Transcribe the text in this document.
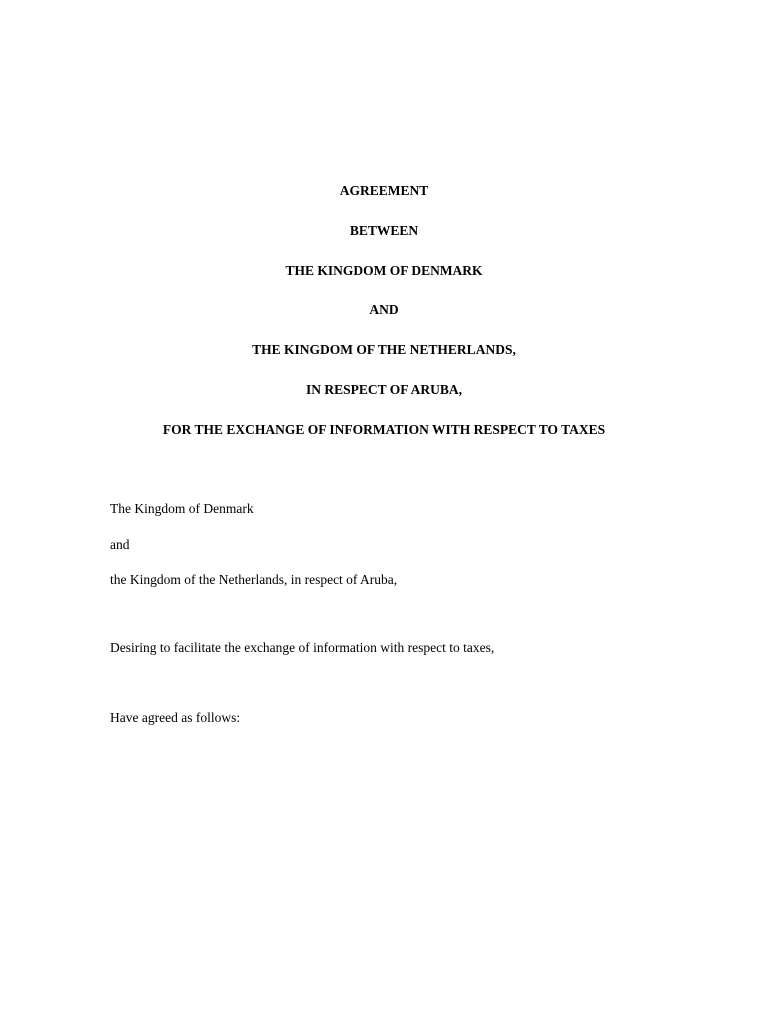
AGREEMENT
BETWEEN
THE KINGDOM OF DENMARK
AND
THE KINGDOM OF THE NETHERLANDS,
IN RESPECT OF ARUBA,
FOR THE EXCHANGE OF INFORMATION WITH RESPECT TO TAXES
The Kingdom of Denmark
and
the Kingdom of the Netherlands, in respect of Aruba,
Desiring to facilitate the exchange of information with respect to taxes,
Have agreed as follows:
